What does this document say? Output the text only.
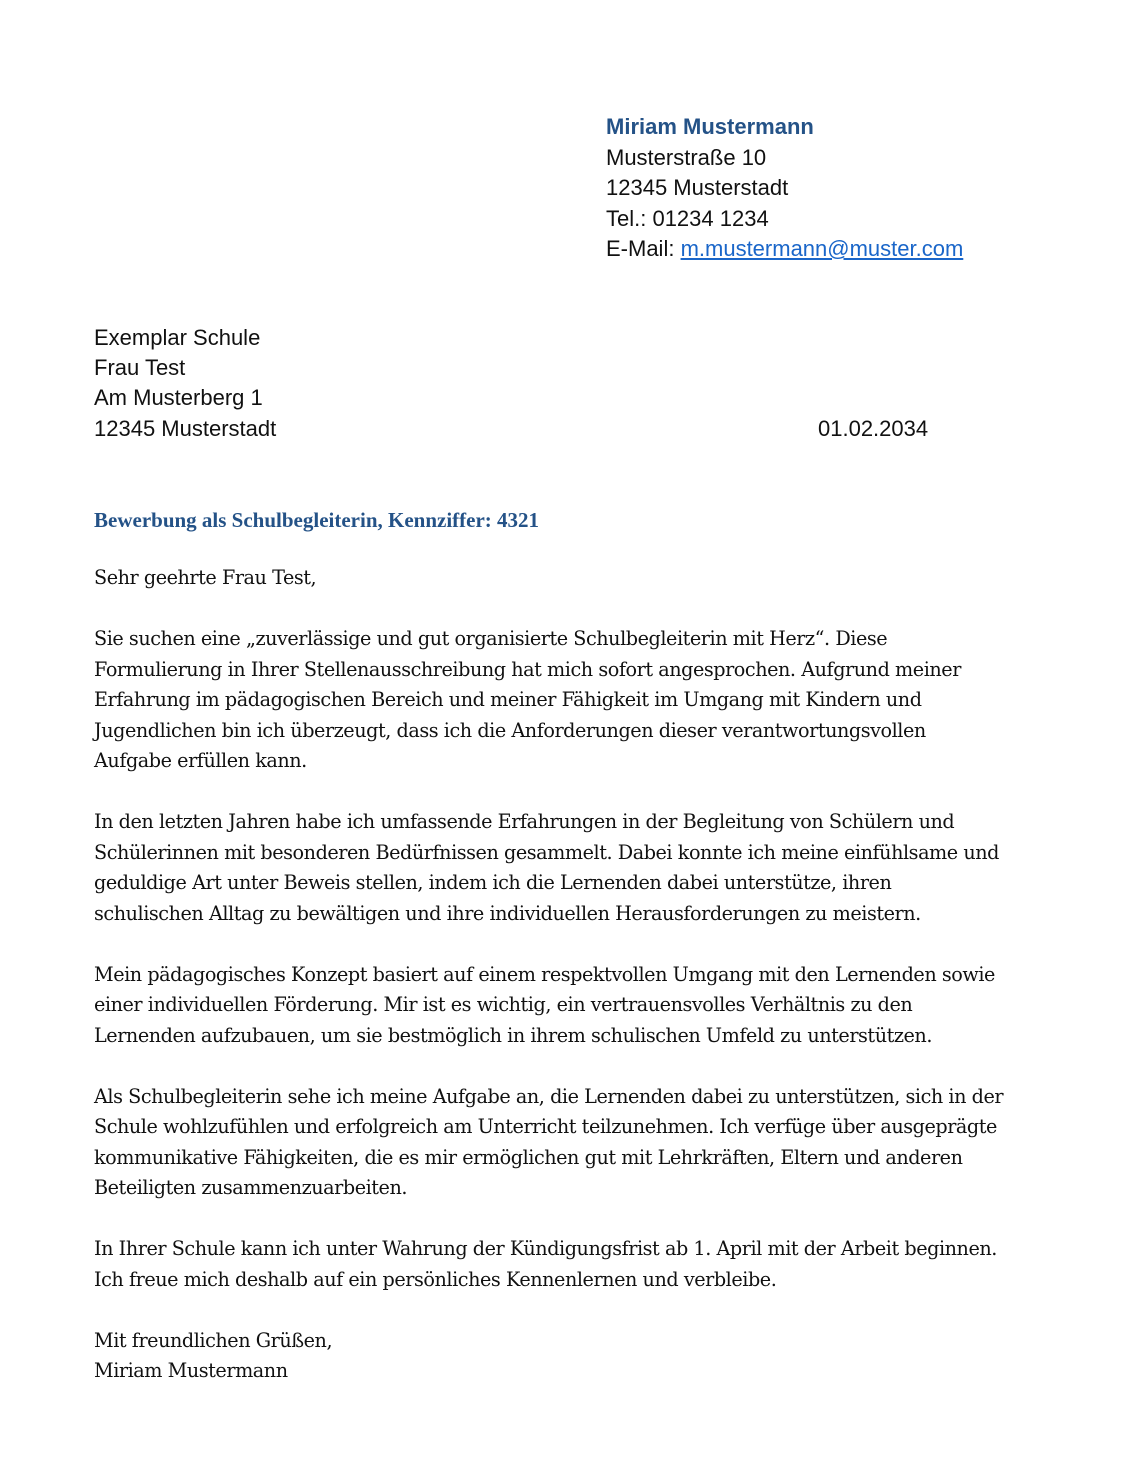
Miriam Mustermann
Musterstraße 10
12345 Musterstadt
Tel.: 01234 1234
E-Mail: m.mustermann@muster.com
Exemplar Schule
Frau Test
Am Musterberg 1
12345 Musterstadt	01.02.2034
Bewerbung als Schulbegleiterin, Kennziffer: 4321

Sehr geehrte Frau Test,

Sie suchen eine „zuverlässige und gut organisierte Schulbegleiterin mit Herz“. Diese
Formulierung in Ihrer Stellenausschreibung hat mich sofort angesprochen. Aufgrund meiner
Erfahrung im pädagogischen Bereich und meiner Fähigkeit im Umgang mit Kindern und
Jugendlichen bin ich überzeugt, dass ich die Anforderungen dieser verantwortungsvollen
Aufgabe erfüllen kann.

In den letzten Jahren habe ich umfassende Erfahrungen in der Begleitung von Schülern und
Schülerinnen mit besonderen Bedürfnissen gesammelt. Dabei konnte ich meine einfühlsame und
geduldige Art unter Beweis stellen, indem ich die Lernenden dabei unterstütze, ihren
schulischen Alltag zu bewältigen und ihre individuellen Herausforderungen zu meistern.

Mein pädagogisches Konzept basiert auf einem respektvollen Umgang mit den Lernenden sowie
einer individuellen Förderung. Mir ist es wichtig, ein vertrauensvolles Verhältnis zu den
Lernenden aufzubauen, um sie bestmöglich in ihrem schulischen Umfeld zu unterstützen.

Als Schulbegleiterin sehe ich meine Aufgabe an, die Lernenden dabei zu unterstützen, sich in der
Schule wohlzufühlen und erfolgreich am Unterricht teilzunehmen. Ich verfüge über ausgeprägte
kommunikative Fähigkeiten, die es mir ermöglichen gut mit Lehrkräften, Eltern und anderen
Beteiligten zusammenzuarbeiten.

In Ihrer Schule kann ich unter Wahrung der Kündigungsfrist ab 1. April mit der Arbeit beginnen.
Ich freue mich deshalb auf ein persönliches Kennenlernen und verbleibe.

Mit freundlichen Grüßen,
Miriam Mustermann
